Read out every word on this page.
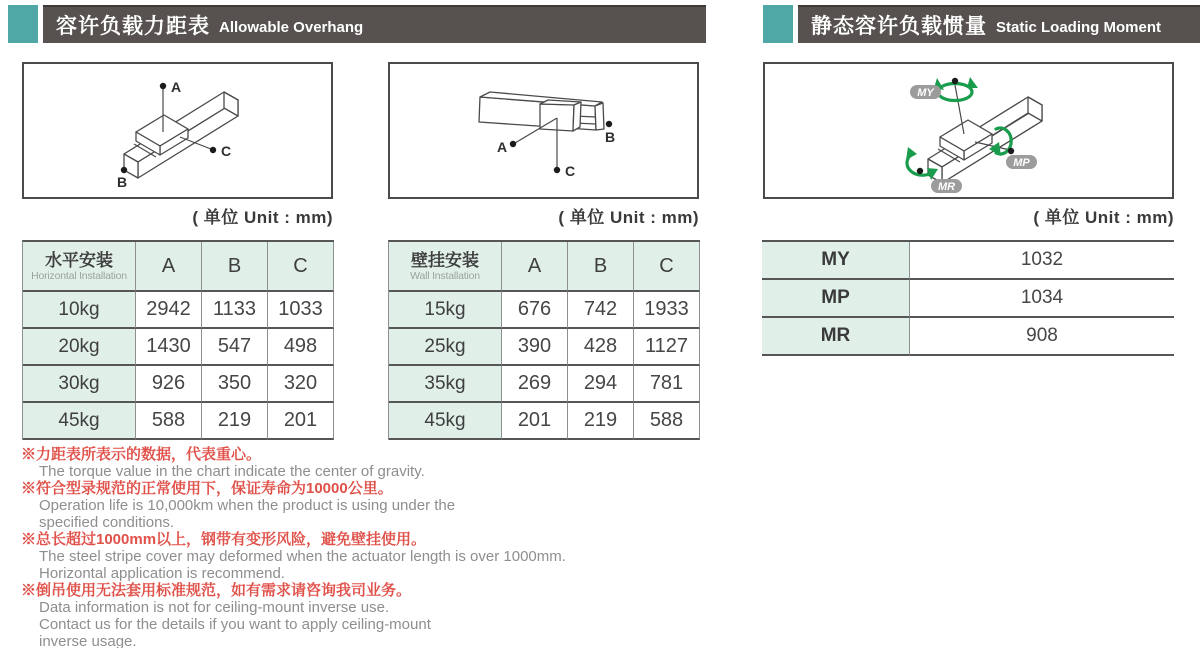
容许负载力距表 Allowable Overhang	静态容许负载惯量 Static Loading Moment
A
C
B
( 单位 Unit : mm)
A
C
B
( 单位 Unit : mm)
MY
MP
MR
( 单位 Unit : mm)
水平安装
Horizontal Installation	A	B	C
10kg	2942	1133	1033
20kg	1430	547	498
30kg	926	350	320
45kg	588	219	201
壁挂安装
Wall Installation	A	B	C
15kg	676	742	1933
25kg	390	428	1127
35kg	269	294	781
45kg	201	219	588
MY	1032
MP	1034
MR	908
※力距表所表示的数据，代表重心。
The torque value in the chart indicate the center of gravity.
※符合型录规范的正常使用下，保证寿命为10000公里。
Operation life is 10,000km when the product is using under the
specified conditions.
※总长超过1000mm以上，钢带有变形风险，避免壁挂使用。
The steel stripe cover may deformed when the actuator length is over 1000mm.
Horizontal application is recommend.
※倒吊使用无法套用标准规范，如有需求请咨询我司业务。
Data information is not for ceiling-mount inverse use.
Contact us for the details if you want to apply ceiling-mount
inverse usage.
